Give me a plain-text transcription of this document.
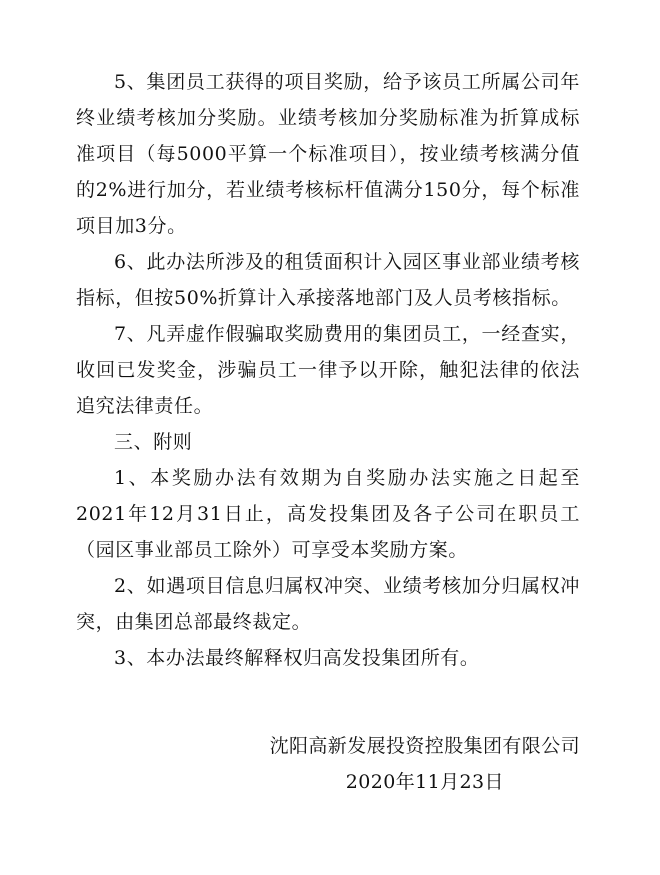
5、集团员工获得的项目奖励，给予该员工所属公司年终业绩考核加分奖励。业绩考核加分奖励标准为折算成标准项目（每5000平算一个标准项目），按业绩考核满分值的2%进行加分，若业绩考核标杆值满分150分，每个标准项目加3分。

6、此办法所涉及的租赁面积计入园区事业部业绩考核指标，但按50%折算计入承接落地部门及人员考核指标。

7、凡弄虚作假骗取奖励费用的集团员工，一经查实，收回已发奖金，涉骗员工一律予以开除，触犯法律的依法追究法律责任。

三、附则

1、本奖励办法有效期为自奖励办法实施之日起至2021年12月31日止，高发投集团及各子公司在职员工（园区事业部员工除外）可享受本奖励方案。

2、如遇项目信息归属权冲突、业绩考核加分归属权冲突，由集团总部最终裁定。

3、本办法最终解释权归高发投集团所有。

沈阳高新发展投资控股集团有限公司
2020年11月23日
